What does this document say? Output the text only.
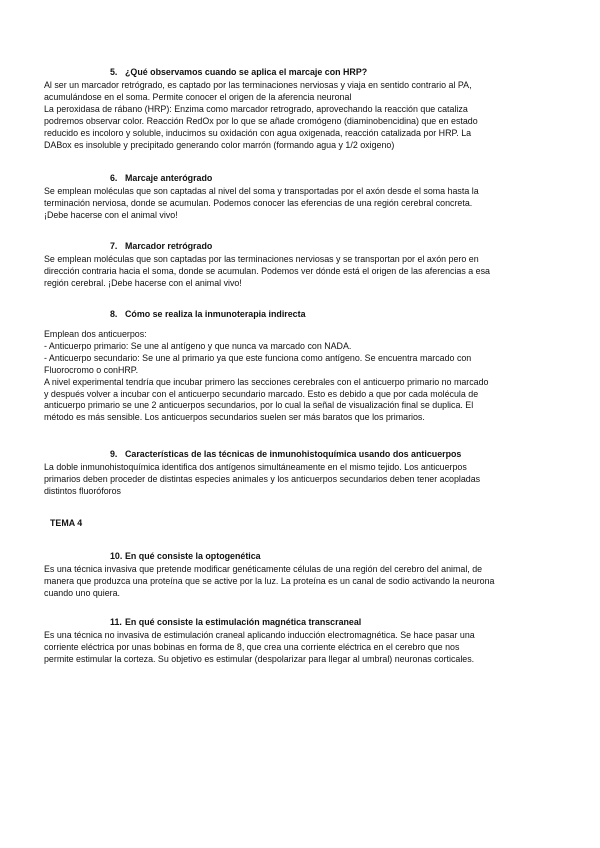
5. ¿Qué observamos cuando se aplica el marcaje con HRP?
Al ser un marcador retrógrado, es captado por las terminaciones nerviosas y viaja en sentido contrario al PA,
acumulándose en el soma. Permite conocer el origen de la aferencia neuronal
La peroxidasa de rábano (HRP): Enzima como marcador retrogrado, aprovechando la reacción que cataliza
podremos observar color. Reacción RedOx por lo que se añade cromógeno (diaminobencidina) que en estado
reducido es incoloro y soluble, inducimos su oxidación con agua oxigenada, reacción catalizada por HRP. La
DABox es insoluble y precipitado generando color marrón (formando agua y 1/2 oxigeno)
6. Marcaje anterógrado
Se emplean moléculas que son captadas al nivel del soma y transportadas por el axón desde el soma hasta la
terminación nerviosa, donde se acumulan. Podemos conocer las eferencias de una región cerebral concreta.
¡Debe hacerse con el animal vivo!
7. Marcador retrógrado
Se emplean moléculas que son captadas por las terminaciones nerviosas y se transportan por el axón pero en
dirección contraria hacia el soma, donde se acumulan. Podemos ver dónde está el origen de las aferencias a esa
región cerebral. ¡Debe hacerse con el animal vivo!
8. Cómo se realiza la inmunoterapia indirecta
Emplean dos anticuerpos:
- Anticuerpo primario: Se une al antígeno y que nunca va marcado con NADA.
- Anticuerpo secundario: Se une al primario ya que este funciona como antígeno. Se encuentra marcado con
Fluorocromo o conHRP.
A nivel experimental tendría que incubar primero las secciones cerebrales con el anticuerpo primario no marcado
y después volver a incubar con el anticuerpo secundario marcado. Esto es debido a que por cada molécula de
anticuerpo primario se une 2 anticuerpos secundarios, por lo cual la señal de visualización final se duplica. El
método es más sensible. Los anticuerpos secundarios suelen ser más baratos que los primarios.
9. Características de las técnicas de inmunohistoquímica usando dos anticuerpos
La doble inmunohistoquímica identifica dos antígenos simultáneamente en el mismo tejido. Los anticuerpos
primarios deben proceder de distintas especies animales y los anticuerpos secundarios deben tener acopladas
distintos fluoróforos
TEMA 4
10. En qué consiste la optogenética
Es una técnica invasiva que pretende modificar genéticamente células de una región del cerebro del animal, de
manera que produzca una proteína que se active por la luz. La proteína es un canal de sodio activando la neurona
cuando uno quiera.
11. En qué consiste la estimulación magnética transcraneal
Es una técnica no invasiva de estimulación craneal aplicando inducción electromagnética. Se hace pasar una
corriente eléctrica por unas bobinas en forma de 8, que crea una corriente eléctrica en el cerebro que nos
permite estimular la corteza. Su objetivo es estimular (despolarizar para llegar al umbral) neuronas corticales.
